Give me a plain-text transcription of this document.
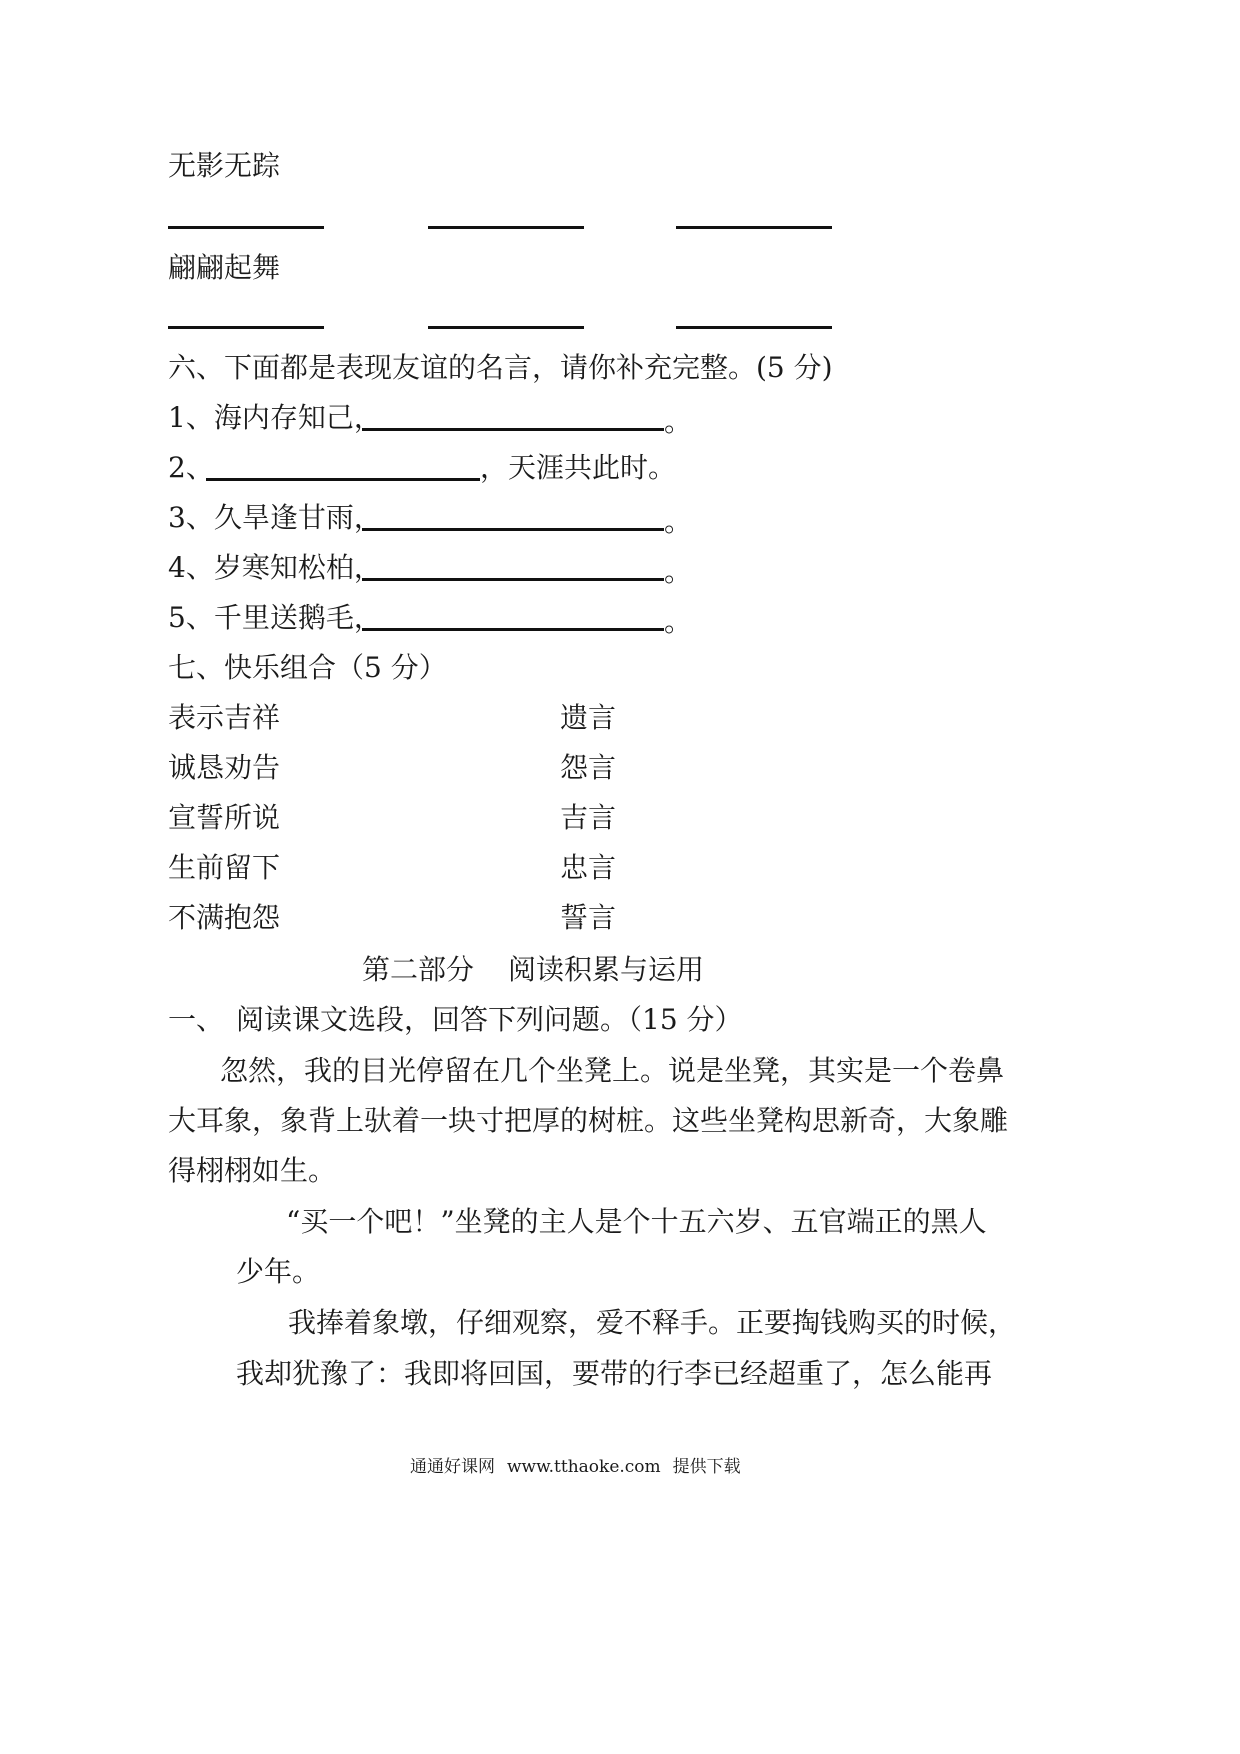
无影无踪
翩翩起舞
六、下面都是表现友谊的名言，请你补充完整。(5 分)
1、海内存知己，	。
2、	，天涯共此时。
3、久旱逢甘雨，	。
4、岁寒知松柏，	。
5、千里送鹅毛，	。
七、快乐组合（5 分）
表示吉祥	遗言
诚恳劝告	怨言
宣誓所说	吉言
生前留下	忠言
不满抱怨	誓言
第二部分 阅读积累与运用
一、 阅读课文选段，回答下列问题。（15 分）
忽然，我的目光停留在几个坐凳上。说是坐凳，其实是一个卷鼻
大耳象，象背上驮着一块寸把厚的树桩。这些坐凳构思新奇，大象雕
得栩栩如生。
“买一个吧！”坐凳的主人是个十五六岁、五官端正的黑人
少年。
我捧着象墩，仔细观察，爱不释手。正要掏钱购买的时候，
我却犹豫了：我即将回国，要带的行李已经超重了，怎么能再
通通好课网 www.tthaoke.com 提供下载
